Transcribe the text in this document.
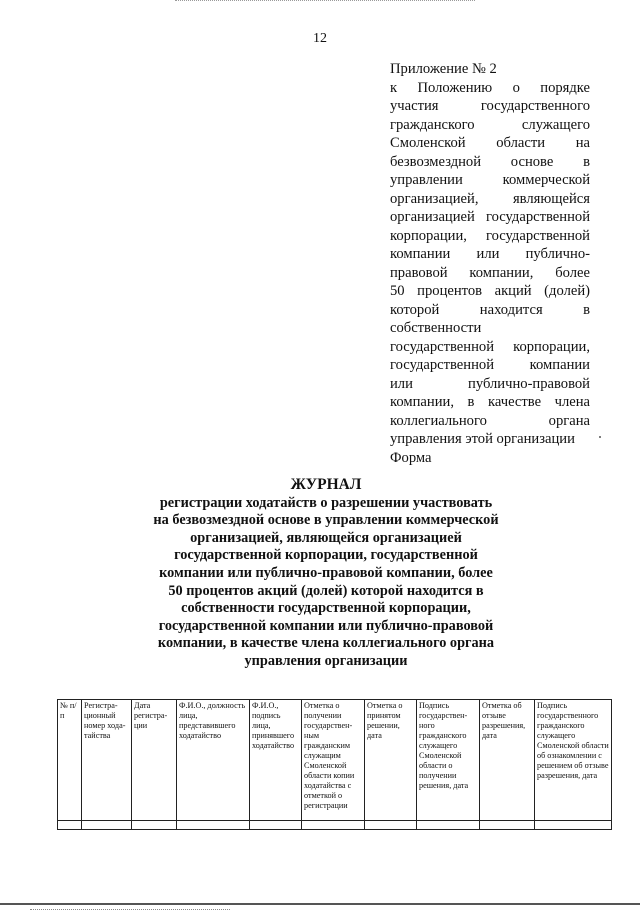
12
Приложение № 2
к Положению о порядке
участия государственного
гражданского служащего
Смоленской области на
безвозмездной основе в
управлении коммерческой
организацией, являющейся
организацией государственной
корпорации, государственной
компании или публично-
правовой компании, более
50 процентов акций (долей)
которой находится в
собственности
государственной корпорации,
государственной компании
или публично-правовой
компании, в качестве члена
коллегиального органа
управления этой организации
Форма
ЖУРНАЛ
регистрации ходатайств о разрешении участвовать
на безвозмездной основе в управлении коммерческой
организацией, являющейся организацией
государственной корпорации, государственной
компании или публично-правовой компании, более
50 процентов акций (долей) которой находится в
собственности государственной корпорации,
государственной компании или публично-правовой
компании, в качестве члена коллегиального органа
управления организации
№ п/п	Регистра-ционный номер хода-тайства	Дата регистра-ции	Ф.И.О., должность лица, представившего ходатайство	Ф.И.О., подпись лица, принявшего ходатайство	Отметка о получении государствен-ным гражданским служащим Смоленской области копии ходатайства с отметкой о регистрации	Отметка о принятом решении, дата	Подпись государствен-ного гражданского служащего Смоленской области о получении решения, дата	Отметка об отзыве разрешения, дата	Подпись государственного гражданского служащего Смоленской области об ознакомлении с решением об отзыве разрешения, дата
